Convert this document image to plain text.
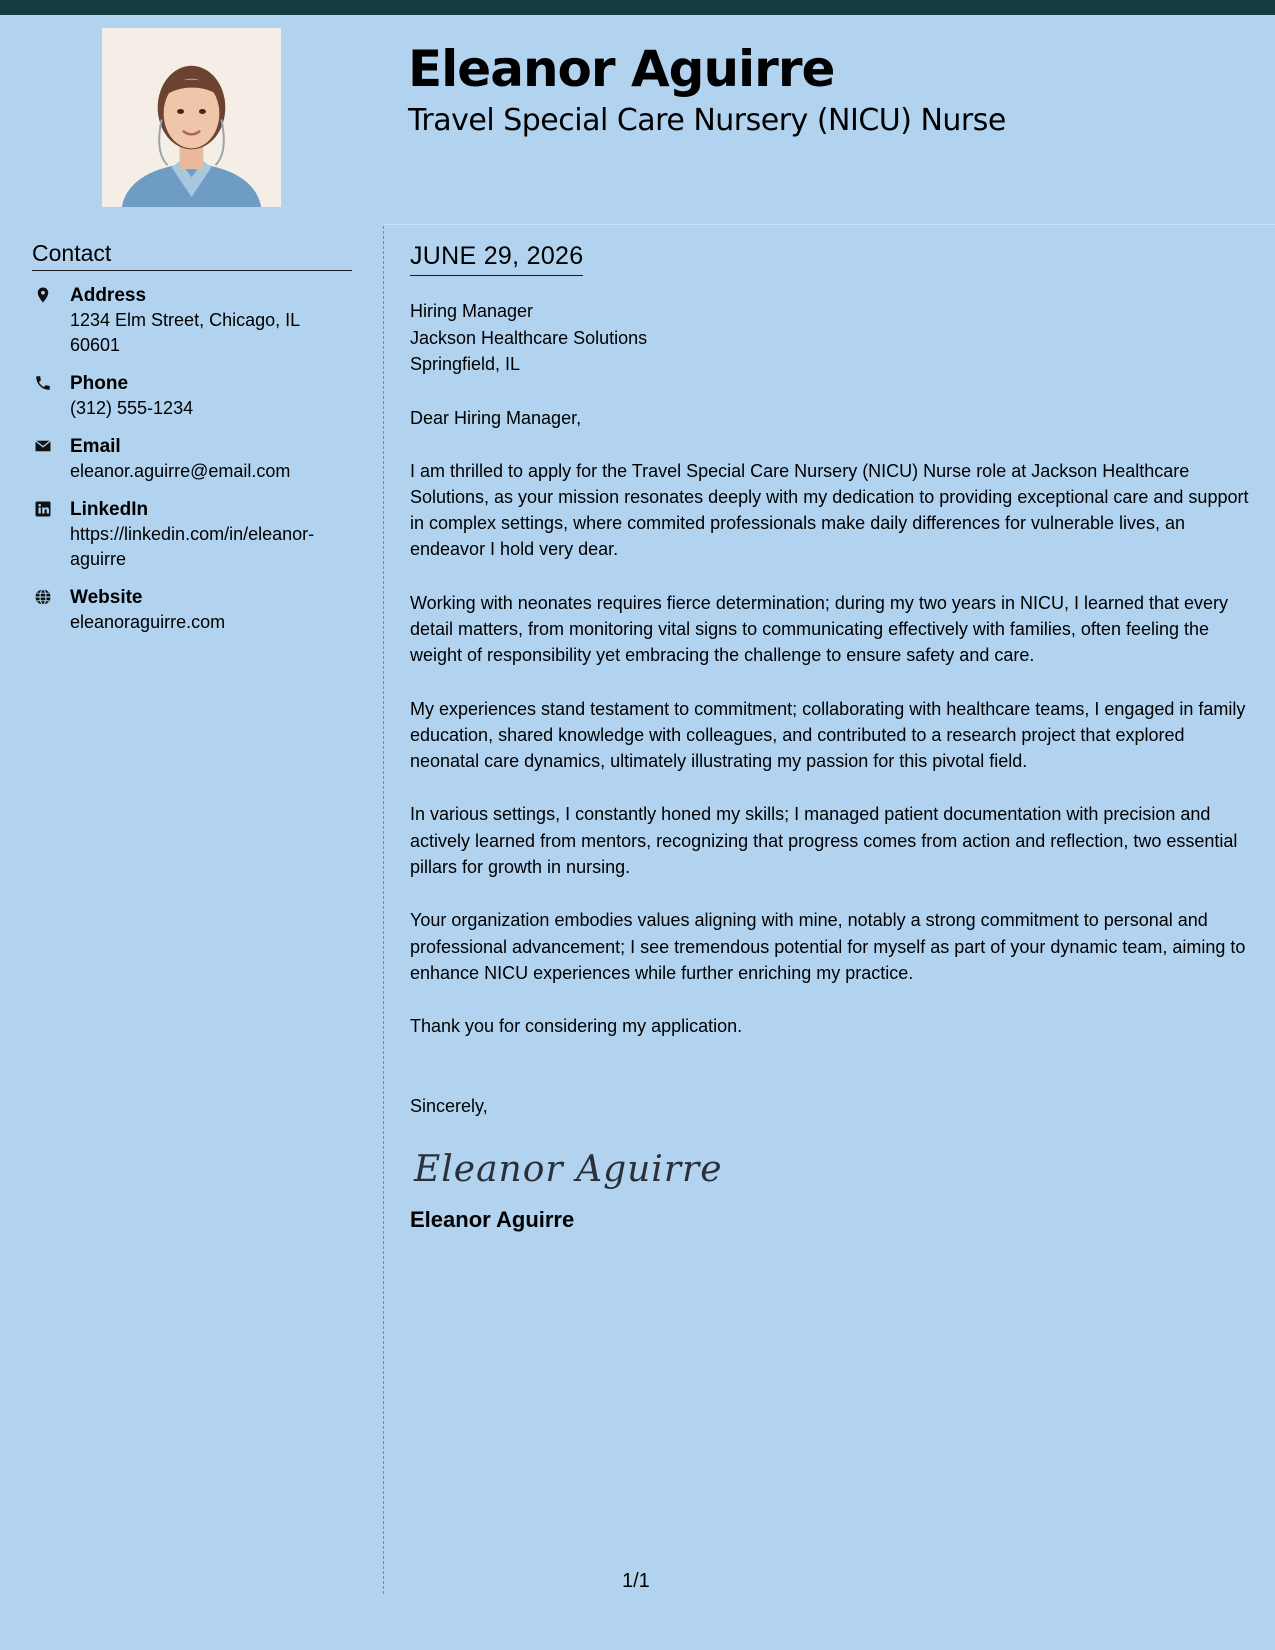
Eleanor Aguirre
Travel Special Care Nursery (NICU) Nurse
Contact
Address
1234 Elm Street, Chicago, IL 60601
Phone
(312) 555-1234
Email
eleanor.aguirre@email.com
LinkedIn
https://linkedin.com/in/eleanor-aguirre
Website
eleanoraguirre.com
JUNE 29, 2026
Hiring Manager
Jackson Healthcare Solutions
Springfield, IL
Dear Hiring Manager,

I am thrilled to apply for the Travel Special Care Nursery (NICU) Nurse role at Jackson Healthcare Solutions, as your mission resonates deeply with my dedication to providing exceptional care and support in complex settings, where commited professionals make daily differences for vulnerable lives, an endeavor I hold very dear.

Working with neonates requires fierce determination; during my two years in NICU, I learned that every detail matters, from monitoring vital signs to communicating effectively with families, often feeling the weight of responsibility yet embracing the challenge to ensure safety and care.

My experiences stand testament to commitment; collaborating with healthcare teams, I engaged in family education, shared knowledge with colleagues, and contributed to a research project that explored neonatal care dynamics, ultimately illustrating my passion for this pivotal field.

In various settings, I constantly honed my skills; I managed patient documentation with precision and actively learned from mentors, recognizing that progress comes from action and reflection, two essential pillars for growth in nursing.

Your organization embodies values aligning with mine, notably a strong commitment to personal and professional advancement; I see tremendous potential for myself as part of your dynamic team, aiming to enhance NICU experiences while further enriching my practice.

Thank you for considering my application.

Sincerely,
Eleanor Aguirre
Eleanor Aguirre
1/1
